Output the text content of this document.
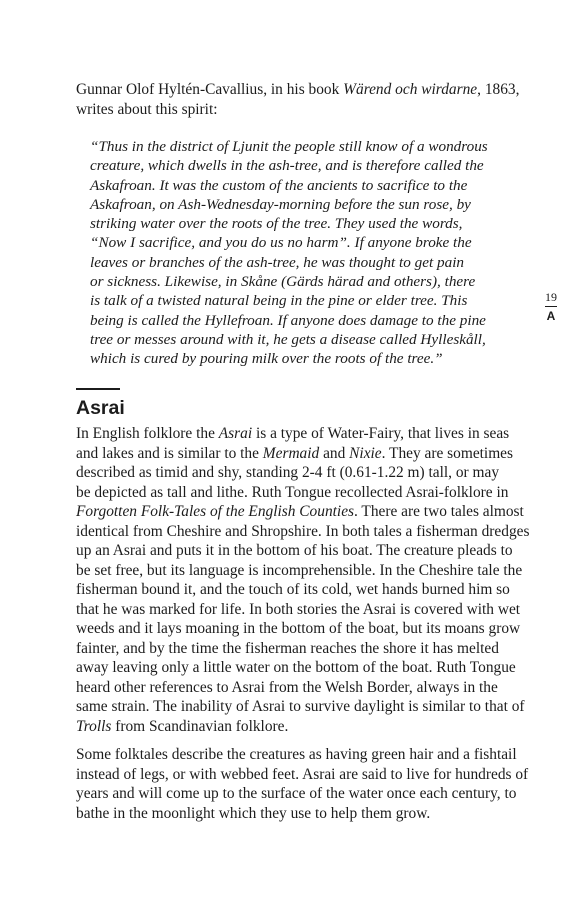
Gunnar Olof Hyltén-Cavallius, in his book Wärend och wirdarne, 1863,
writes about this spirit:

“Thus in the district of Ljunit the people still know of a wondrous
creature, which dwells in the ash-tree, and is therefore called the
Askafroan. It was the custom of the ancients to sacrifice to the
Askafroan, on Ash-Wednesday-morning before the sun rose, by
striking water over the roots of the tree. They used the words,
“Now I sacrifice, and you do us no harm”. If anyone broke the
leaves or branches of the ash-tree, he was thought to get pain
or sickness. Likewise, in Skåne (Gärds härad and others), there
is talk of a twisted natural being in the pine or elder tree. This
being is called the Hyllefroan. If anyone does damage to the pine
tree or messes around with it, he gets a disease called Hylleskåll,
which is cured by pouring milk over the roots of the tree.”

19
A
Asrai

In English folklore the Asrai is a type of Water-Fairy, that lives in seas
and lakes and is similar to the Mermaid and Nixie. They are sometimes
described as timid and shy, standing 2-4 ft (0.61-1.22 m) tall, or may
be depicted as tall and lithe. Ruth Tongue recollected Asrai-folklore in
Forgotten Folk-Tales of the English Counties. There are two tales almost
identical from Cheshire and Shropshire. In both tales a fisherman dredges
up an Asrai and puts it in the bottom of his boat. The creature pleads to
be set free, but its language is incomprehensible. In the Cheshire tale the
fisherman bound it, and the touch of its cold, wet hands burned him so
that he was marked for life. In both stories the Asrai is covered with wet
weeds and it lays moaning in the bottom of the boat, but its moans grow
fainter, and by the time the fisherman reaches the shore it has melted
away leaving only a little water on the bottom of the boat. Ruth Tongue
heard other references to Asrai from the Welsh Border, always in the
same strain. The inability of Asrai to survive daylight is similar to that of
Trolls from Scandinavian folklore.

Some folktales describe the creatures as having green hair and a fishtail
instead of legs, or with webbed feet. Asrai are said to live for hundreds of
years and will come up to the surface of the water once each century, to
bathe in the moonlight which they use to help them grow.
